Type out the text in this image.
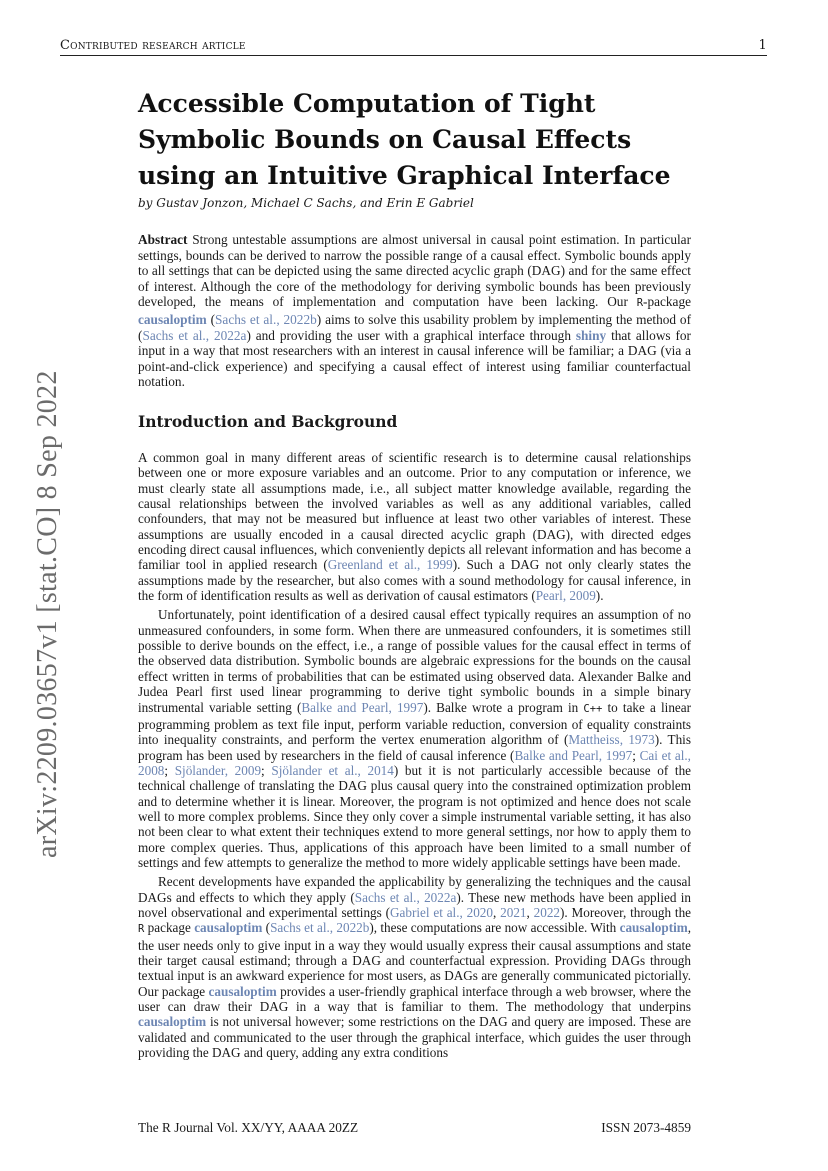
Contributed research article	1
arXiv:2209.03657v1 [stat.CO] 8 Sep 2022
Accessible Computation of Tight Symbolic Bounds on Causal Effects using an Intuitive Graphical Interface
by Gustav Jonzon, Michael C Sachs, and Erin E Gabriel
Abstract Strong untestable assumptions are almost universal in causal point estimation. In particular settings, bounds can be derived to narrow the possible range of a causal effect. Symbolic bounds apply to all settings that can be depicted using the same directed acyclic graph (DAG) and for the same effect of interest. Although the core of the methodology for deriving symbolic bounds has been previously developed, the means of implementation and computation have been lacking. Our R-package causaloptim (Sachs et al., 2022b) aims to solve this usability problem by implementing the method of (Sachs et al., 2022a) and providing the user with a graphical interface through shiny that allows for input in a way that most researchers with an interest in causal inference will be familiar; a DAG (via a point-and-click experience) and specifying a causal effect of interest using familiar counterfactual notation.
Introduction and Background

A common goal in many different areas of scientific research is to determine causal relationships between one or more exposure variables and an outcome. Prior to any computation or inference, we must clearly state all assumptions made, i.e., all subject matter knowledge available, regarding the causal relationships between the involved variables as well as any additional variables, called confounders, that may not be measured but influence at least two other variables of interest. These assumptions are usually encoded in a causal directed acyclic graph (DAG), with directed edges encoding direct causal influences, which conveniently depicts all relevant information and has become a familiar tool in applied research (Greenland et al., 1999). Such a DAG not only clearly states the assumptions made by the researcher, but also comes with a sound methodology for causal inference, in the form of identification results as well as derivation of causal estimators (Pearl, 2009).

Unfortunately, point identification of a desired causal effect typically requires an assumption of no unmeasured confounders, in some form. When there are unmeasured confounders, it is sometimes still possible to derive bounds on the effect, i.e., a range of possible values for the causal effect in terms of the observed data distribution. Symbolic bounds are algebraic expressions for the bounds on the causal effect written in terms of probabilities that can be estimated using observed data. Alexander Balke and Judea Pearl first used linear programming to derive tight symbolic bounds in a simple binary instrumental variable setting (Balke and Pearl, 1997). Balke wrote a program in C++ to take a linear programming problem as text file input, perform variable reduction, conversion of equality constraints into inequality constraints, and perform the vertex enumeration algorithm of (Mattheiss, 1973). This program has been used by researchers in the field of causal inference (Balke and Pearl, 1997; Cai et al., 2008; Sjölander, 2009; Sjölander et al., 2014) but it is not particularly accessible because of the technical challenge of translating the DAG plus causal query into the constrained optimization problem and to determine whether it is linear. Moreover, the program is not optimized and hence does not scale well to more complex problems. Since they only cover a simple instrumental variable setting, it has also not been clear to what extent their techniques extend to more general settings, nor how to apply them to more complex queries. Thus, applications of this approach have been limited to a small number of settings and few attempts to generalize the method to more widely applicable settings have been made.

Recent developments have expanded the applicability by generalizing the techniques and the causal DAGs and effects to which they apply (Sachs et al., 2022a). These new methods have been applied in novel observational and experimental settings (Gabriel et al., 2020, 2021, 2022). Moreover, through the R package causaloptim (Sachs et al., 2022b), these computations are now accessible. With causaloptim, the user needs only to give input in a way they would usually express their causal assumptions and state their target causal estimand; through a DAG and counterfactual expression. Providing DAGs through textual input is an awkward experience for most users, as DAGs are generally communicated pictorially. Our package causaloptim provides a user-friendly graphical interface through a web browser, where the user can draw their DAG in a way that is familiar to them. The methodology that underpins causaloptim is not universal however; some restrictions on the DAG and query are imposed. These are validated and communicated to the user through the graphical interface, which guides the user through providing the DAG and query, adding any extra conditions

The R Journal Vol. XX/YY, AAAA 20ZZ	ISSN 2073-4859
